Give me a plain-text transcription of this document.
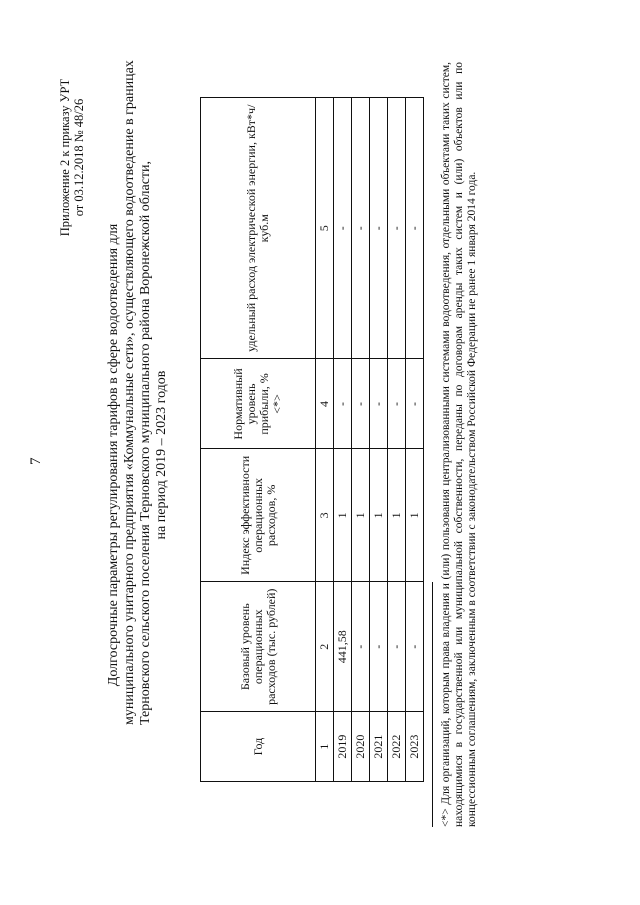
7
Приложение 2 к приказу УРТ от 03.12.2018 № 48/26
Долгосрочные параметры регулирования тарифов в сфере водоотведения для муниципального унитарного предприятия «Коммунальные сети», осуществляющего водоотведение в границах Терновского сельского поселения Терновского муниципального района Воронежской области, на период 2019 – 2023 годов
Год	Базовый уровень операционных расходов (тыс. рублей)	Индекс эффективности операционных расходов, %	Нормативный уровень прибыли, % <*>	удельный расход электрической энергии, кВт*ч/куб.м
1	2	3	4	5
2019	441,58	1	-	-
2020	-	1	-	-
2021	-	1	-	-
2022	-	1	-	-
2023	-	1	-	- <*> Для организаций, которым права владения и (или) пользования централизованными системами водоотведения, отдельными объектами таких систем, находящимися в государственной или муниципальной собственности, переданы по договорам аренды таких систем и (или) объектов или по концессионным соглашениям, заключенным в соответствии с законодательством Российской Федерации не ранее 1 января 2014 года.
